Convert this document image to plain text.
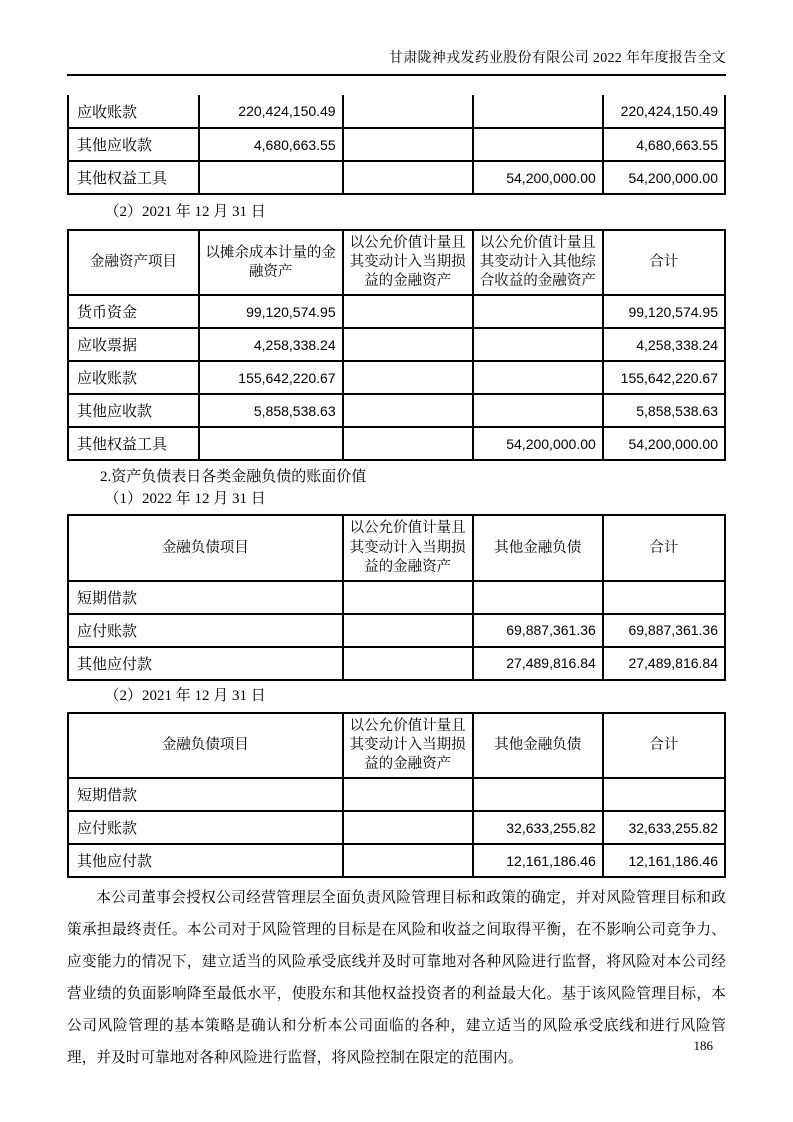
甘肃陇神戎发药业股份有限公司 2022 年年度报告全文
应收账款	220,424,150.49			220,424,150.49
其他应收款	4,680,663.55			4,680,663.55
其他权益工具			54,200,000.00	54,200,000.00
（2）2021 年 12 月 31 日
金融资产项目	以摊余成本计量的金融资产	以公允价值计量且其变动计入当期损益的金融资产	以公允价值计量且其变动计入其他综合收益的金融资产	合计
货币资金	99,120,574.95			99,120,574.95
应收票据	4,258,338.24			4,258,338.24
应收账款	155,642,220.67			155,642,220.67
其他应收款	5,858,538.63			5,858,538.63
其他权益工具			54,200,000.00	54,200,000.00
2.资产负债表日各类金融负债的账面价值
（1）2022 年 12 月 31 日
金融负债项目	以公允价值计量且其变动计入当期损益的金融资产	其他金融负债	合计
短期借款			
应付账款		69,887,361.36	69,887,361.36
其他应付款		27,489,816.84	27,489,816.84
（2）2021 年 12 月 31 日
金融负债项目	以公允价值计量且其变动计入当期损益的金融资产	其他金融负债	合计
短期借款			
应付账款		32,633,255.82	32,633,255.82
其他应付款		12,161,186.46	12,161,186.46
本公司董事会授权公司经营管理层全面负责风险管理目标和政策的确定，并对风险管理目标和政策承担最终责任。本公司对于风险管理的目标是在风险和收益之间取得平衡，在不影响公司竞争力、应变能力的情况下，建立适当的风险承受底线并及时可靠地对各种风险进行监督，将风险对本公司经营业绩的负面影响降至最低水平，使股东和其他权益投资者的利益最大化。基于该风险管理目标，本公司风险管理的基本策略是确认和分析本公司面临的各种，建立适当的风险承受底线和进行风险管理，并及时可靠地对各种风险进行监督，将风险控制在限定的范围内。
186
